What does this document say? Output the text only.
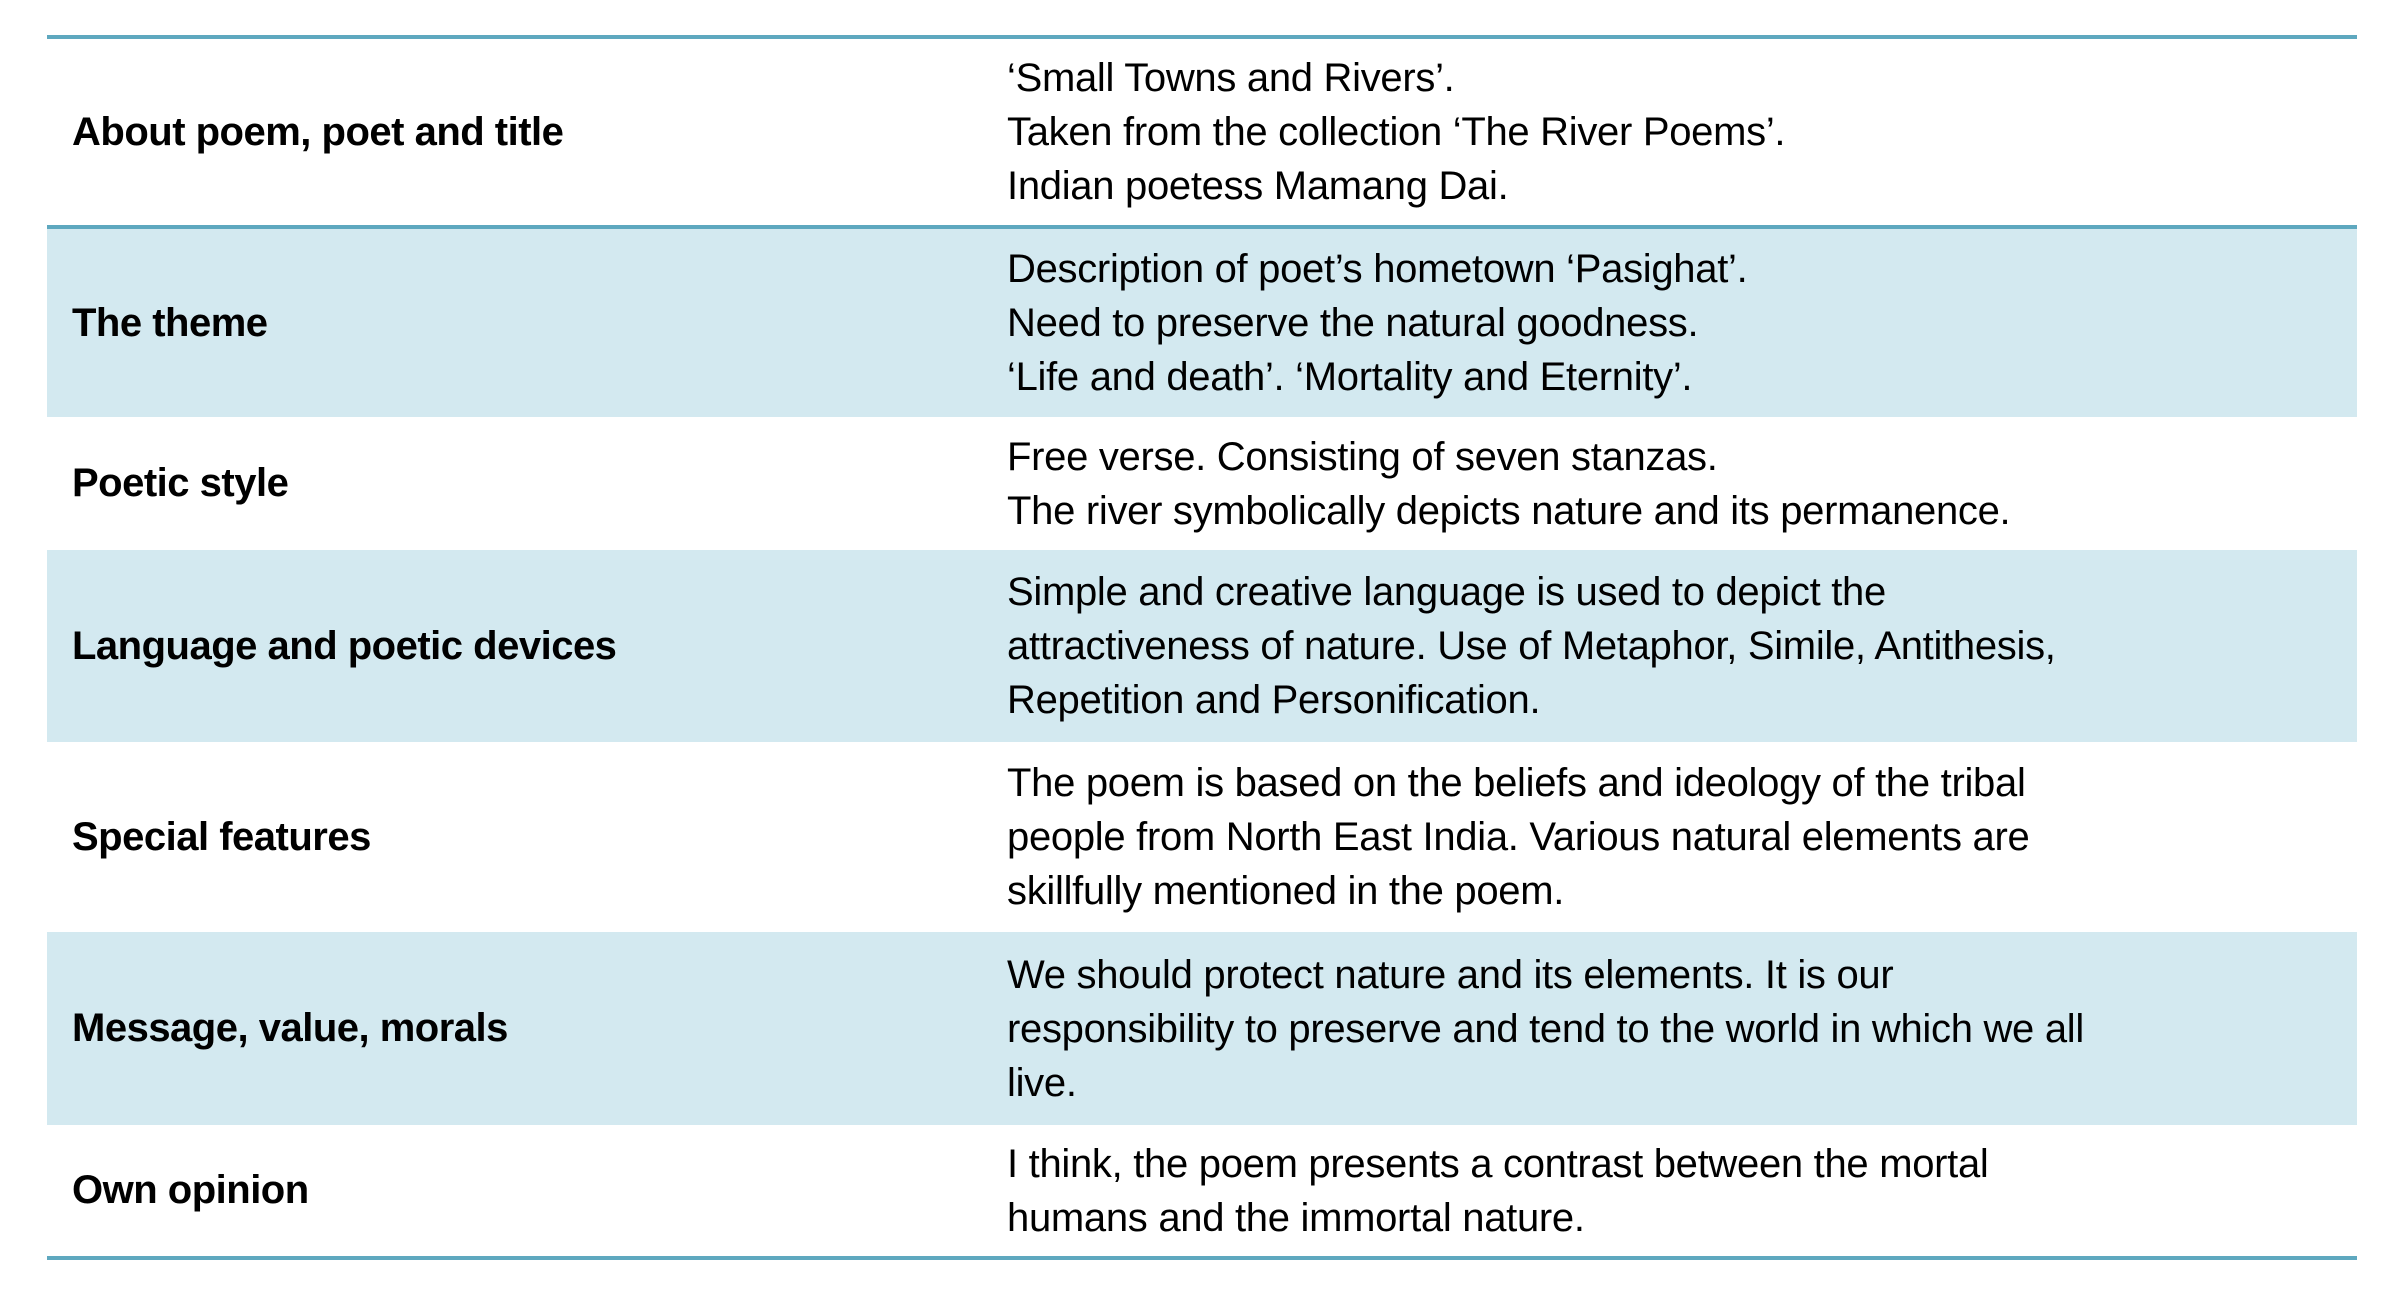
About poem, poet and title
‘Small Towns and Rivers’.
Taken from the collection ‘The River Poems’.
Indian poetess Mamang Dai.
The theme
Description of poet’s hometown ‘Pasighat’.
Need to preserve the natural goodness.
‘Life and death’. ‘Mortality and Eternity’.
Poetic style
Free verse. Consisting of seven stanzas.
The river symbolically depicts nature and its permanence.
Language and poetic devices
Simple and creative language is used to depict the
attractiveness of nature. Use of Metaphor, Simile, Antithesis,
Repetition and Personification.
Special features
The poem is based on the beliefs and ideology of the tribal
people from North East India. Various natural elements are
skillfully mentioned in the poem.
Message, value, morals
We should protect nature and its elements. It is our
responsibility to preserve and tend to the world in which we all
live.
Own opinion
I think, the poem presents a contrast between the mortal
humans and the immortal nature.
